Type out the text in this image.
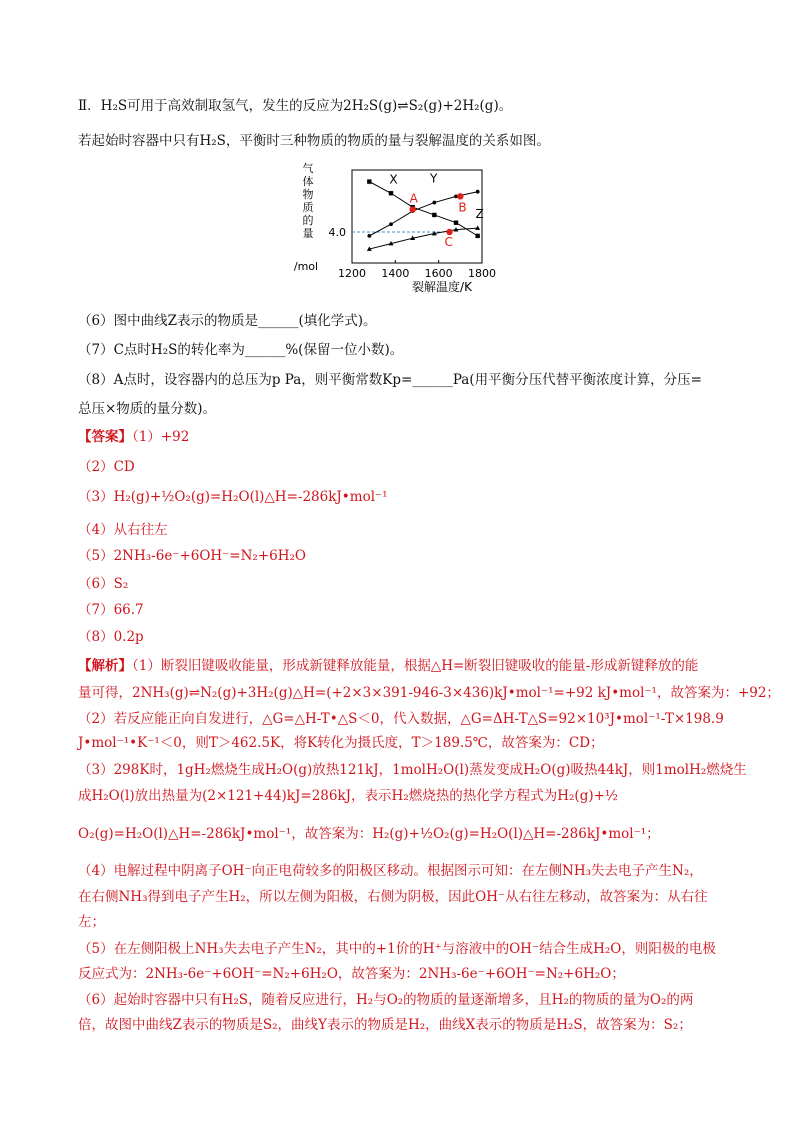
Ⅱ．H₂S可用于高效制取氢气，发生的反应为2H₂S(g)⇌S₂(g)+2H₂(g)。
若起始时容器中只有H₂S，平衡时三种物质的物质的量与裂解温度的关系如图。
气
体
物
质
的
量
/mol
4.0
1200 1400 1600 1800
裂解温度/K
X	Y
Z
A
B
C
（6）图中曲线Z表示的物质是______(填化学式)。
（7）C点时H₂S的转化率为______%(保留一位小数)。
（8）A点时，设容器内的总压为p Pa，则平衡常数Kp=______Pa(用平衡分压代替平衡浓度计算，分压=
总压×物质的量分数)。
【答案】（1）+92
（2）CD
（3）H₂(g)+½O₂(g)=H₂O(l)△H=-286kJ•mol⁻¹
（4）从右往左
（5）2NH₃-6e⁻+6OH⁻=N₂+6H₂O
（6）S₂
（7）66.7
（8）0.2p
【解析】（1）断裂旧键吸收能量，形成新键释放能量，根据△H=断裂旧键吸收的能量-形成新键释放的能
量可得，2NH₃(g)⇌N₂(g)+3H₂(g)△H=(+2×3×391-946-3×436)kJ•mol⁻¹=+92 kJ•mol⁻¹，故答案为：+92；
（2）若反应能正向自发进行，△G=△H-T•△S＜0，代入数据，△G=ΔH-T△S=92×10³J•mol⁻¹-T×198.9
J•mol⁻¹•K⁻¹＜0，则T＞462.5K，将K转化为摄氏度，T＞189.5℃，故答案为：CD；
（3）298K时，1gH₂燃烧生成H₂O(g)放热121kJ，1molH₂O(l)蒸发变成H₂O(g)吸热44kJ，则1molH₂燃烧生
成H₂O(l)放出热量为(2×121+44)kJ=286kJ，表示H₂燃烧热的热化学方程式为H₂(g)+½
O₂(g)=H₂O(l)△H=-286kJ•mol⁻¹，故答案为：H₂(g)+½O₂(g)=H₂O(l)△H=-286kJ•mol⁻¹；
（4）电解过程中阴离子OH⁻向正电荷较多的阳极区移动。根据图示可知：在左侧NH₃失去电子产生N₂，
在右侧NH₃得到电子产生H₂，所以左侧为阳极，右侧为阴极，因此OH⁻从右往左移动，故答案为：从右往
左；
（5）在左侧阳极上NH₃失去电子产生N₂，其中的+1价的H⁺与溶液中的OH⁻结合生成H₂O，则阳极的电极
反应式为：2NH₃-6e⁻+6OH⁻=N₂+6H₂O，故答案为：2NH₃-6e⁻+6OH⁻=N₂+6H₂O；
（6）起始时容器中只有H₂S，随着反应进行，H₂与O₂的物质的量逐渐增多，且H₂的物质的量为O₂的两
倍，故图中曲线Z表示的物质是S₂，曲线Y表示的物质是H₂，曲线X表示的物质是H₂S，故答案为：S₂；
